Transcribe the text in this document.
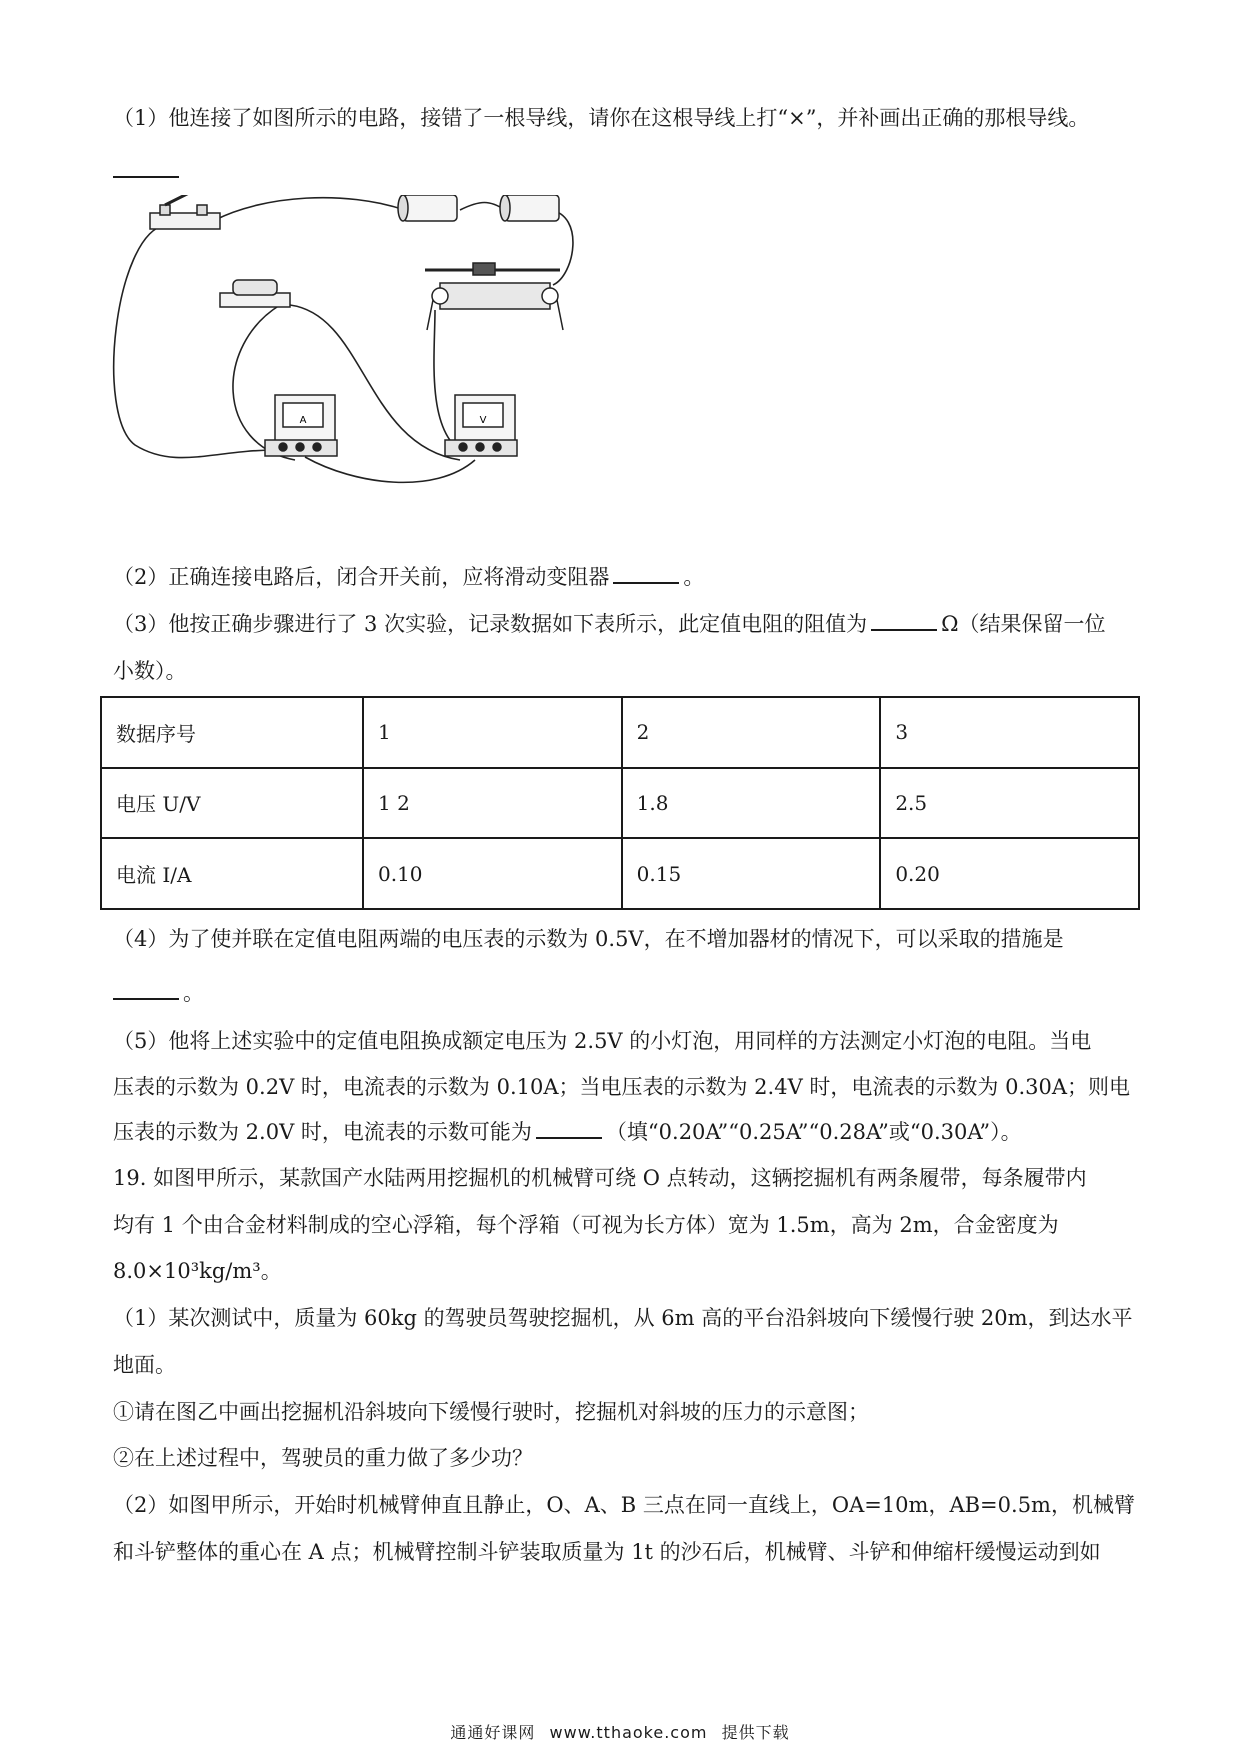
（1）他连接了如图所示的电路，接错了一根导线，请你在这根导线上打“×”，并补画出正确的那根导线。
A	V
（2）正确连接电路后，闭合开关前，应将滑动变阻器	。
（3）他按正确步骤进行了 3 次实验，记录数据如下表所示，此定值电阻的阻值为	Ω（结果保留一位
小数）。
数据序号	1	2	3
电压 U/V	1 2	1.8	2.5
电流 I/A	0.10	0.15	0.20
（4）为了使并联在定值电阻两端的电压表的示数为 0.5V，在不增加器材的情况下，可以采取的措施是
。
（5）他将上述实验中的定值电阻换成额定电压为 2.5V 的小灯泡，用同样的方法测定小灯泡的电阻。当电
压表的示数为 0.2V 时，电流表的示数为 0.10A；当电压表的示数为 2.4V 时，电流表的示数为 0.30A；则电
压表的示数为 2.0V 时，电流表的示数可能为	（填“0.20A”“0.25A”“0.28A”或“0.30A”）。
19. 如图甲所示，某款国产水陆两用挖掘机的机械臂可绕 O 点转动，这辆挖掘机有两条履带，每条履带内
均有 1 个由合金材料制成的空心浮箱，每个浮箱（可视为长方体）宽为 1.5m，高为 2m，合金密度为
8.0×10³kg/m³。
（1）某次测试中，质量为 60kg 的驾驶员驾驶挖掘机，从 6m 高的平台沿斜坡向下缓慢行驶 20m，到达水平
地面。
①请在图乙中画出挖掘机沿斜坡向下缓慢行驶时，挖掘机对斜坡的压力的示意图；
②在上述过程中，驾驶员的重力做了多少功？
（2）如图甲所示，开始时机械臂伸直且静止，O、A、B 三点在同一直线上，OA=10m，AB=0.5m，机械臂
和斗铲整体的重心在 A 点；机械臂控制斗铲装取质量为 1t 的沙石后，机械臂、斗铲和伸缩杆缓慢运动到如
通通好课网 www.tthaoke.com 提供下载
